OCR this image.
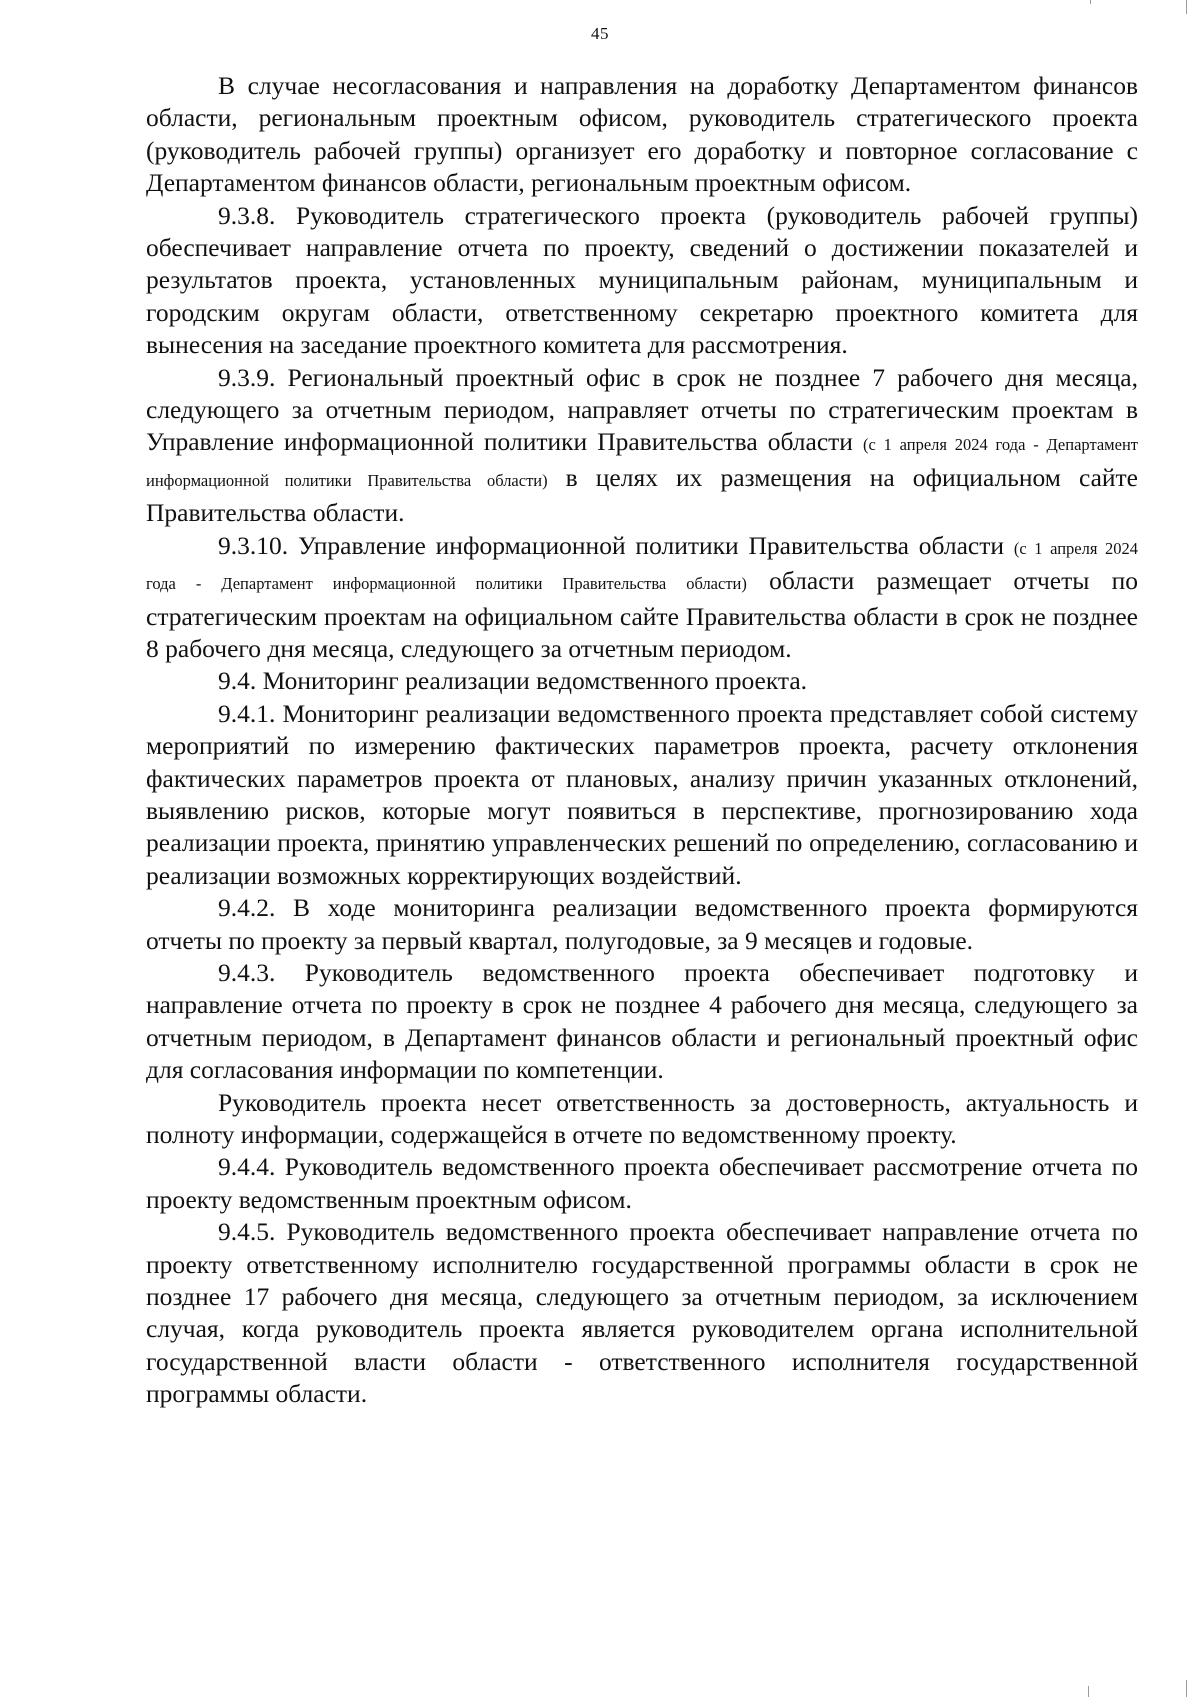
45

В случае несогласования и направления на доработку Департаментом финансов области, региональным проектным офисом, руководитель стратегического проекта (руководитель рабочей группы) организует его доработку и повторное согласование с Департаментом финансов области, региональным проектным офисом.

9.3.8. Руководитель стратегического проекта (руководитель рабочей группы) обеспечивает направление отчета по проекту, сведений о достижении показателей и результатов проекта, установленных муниципальным районам, муниципальным и городским округам области, ответственному секретарю проектного комитета для вынесения на заседание проектного комитета для рассмотрения.

9.3.9. Региональный проектный офис в срок не позднее 7 рабочего дня месяца, следующего за отчетным периодом, направляет отчеты по стратегическим проектам в Управление информационной политики Правительства области (с 1 апреля 2024 года - Департамент информационной политики Правительства области) в целях их размещения на официальном сайте Правительства области.

9.3.10. Управление информационной политики Правительства области (с 1 апреля 2024 года - Департамент информационной политики Правительства области) области размещает отчеты по стратегическим проектам на официальном сайте Правительства области в срок не позднее 8 рабочего дня месяца, следующего за отчетным периодом.

9.4. Мониторинг реализации ведомственного проекта.

9.4.1. Мониторинг реализации ведомственного проекта представляет собой систему мероприятий по измерению фактических параметров проекта, расчету отклонения фактических параметров проекта от плановых, анализу причин указанных отклонений, выявлению рисков, которые могут появиться в перспективе, прогнозированию хода реализации проекта, принятию управленческих решений по определению, согласованию и реализации возможных корректирующих воздействий.

9.4.2. В ходе мониторинга реализации ведомственного проекта формируются отчеты по проекту за первый квартал, полугодовые, за 9 месяцев и годовые.

9.4.3. Руководитель ведомственного проекта обеспечивает подготовку и направление отчета по проекту в срок не позднее 4 рабочего дня месяца, следующего за отчетным периодом, в Департамент финансов области и региональный проектный офис для согласования информации по компетенции.

Руководитель проекта несет ответственность за достоверность, актуальность и полноту информации, содержащейся в отчете по ведомственному проекту.

9.4.4. Руководитель ведомственного проекта обеспечивает рассмотрение отчета по проекту ведомственным проектным офисом.

9.4.5. Руководитель ведомственного проекта обеспечивает направление отчета по проекту ответственному исполнителю государственной программы области в срок не позднее 17 рабочего дня месяца, следующего за отчетным периодом, за исключением случая, когда руководитель проекта является руководителем органа исполнительной государственной власти области - ответственного исполнителя государственной программы области.
